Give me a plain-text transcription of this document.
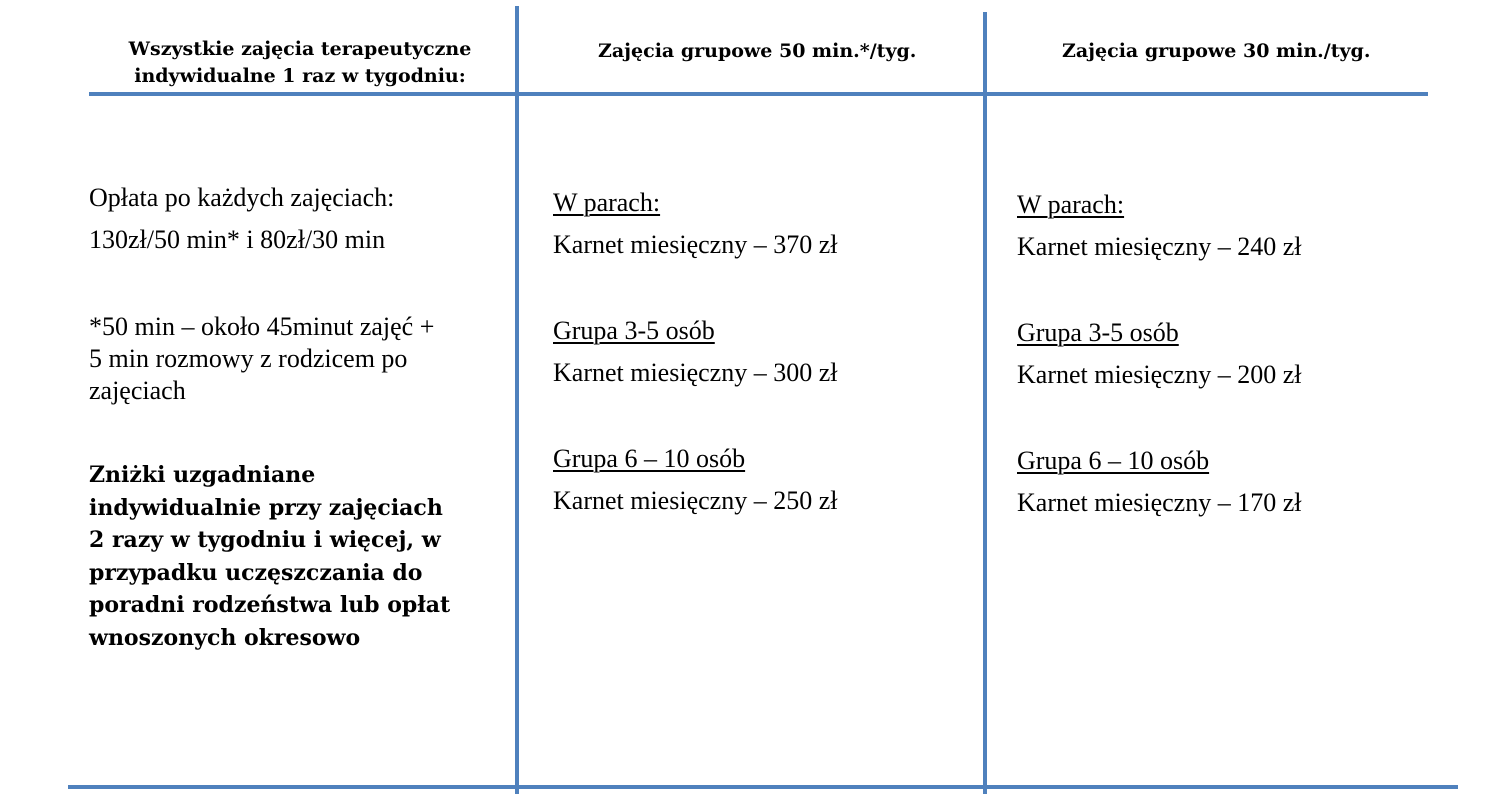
Wszystkie zajęcia terapeutyczne
indywidualne 1 raz w tygodniu:
Zajęcia grupowe 50 min.*/tyg.	Zajęcia grupowe 30 min./tyg.
Opłata po każdych zajęciach:
130zł/50 min* i 80zł/30 min
*50 min – około 45minut zajęć +
5 min rozmowy z rodzicem po
zajęciach
Zniżki uzgadniane
indywidualnie przy zajęciach
2 razy w tygodniu i więcej, w
przypadku uczęszczania do
poradni rodzeństwa lub opłat
wnoszonych okresowo
W parach:
Karnet miesięczny – 370 zł
Grupa 3-5 osób
Karnet miesięczny – 300 zł
Grupa 6 – 10 osób
Karnet miesięczny – 250 zł
W parach:
Karnet miesięczny – 240 zł
Grupa 3-5 osób
Karnet miesięczny – 200 zł
Grupa 6 – 10 osób
Karnet miesięczny – 170 zł
